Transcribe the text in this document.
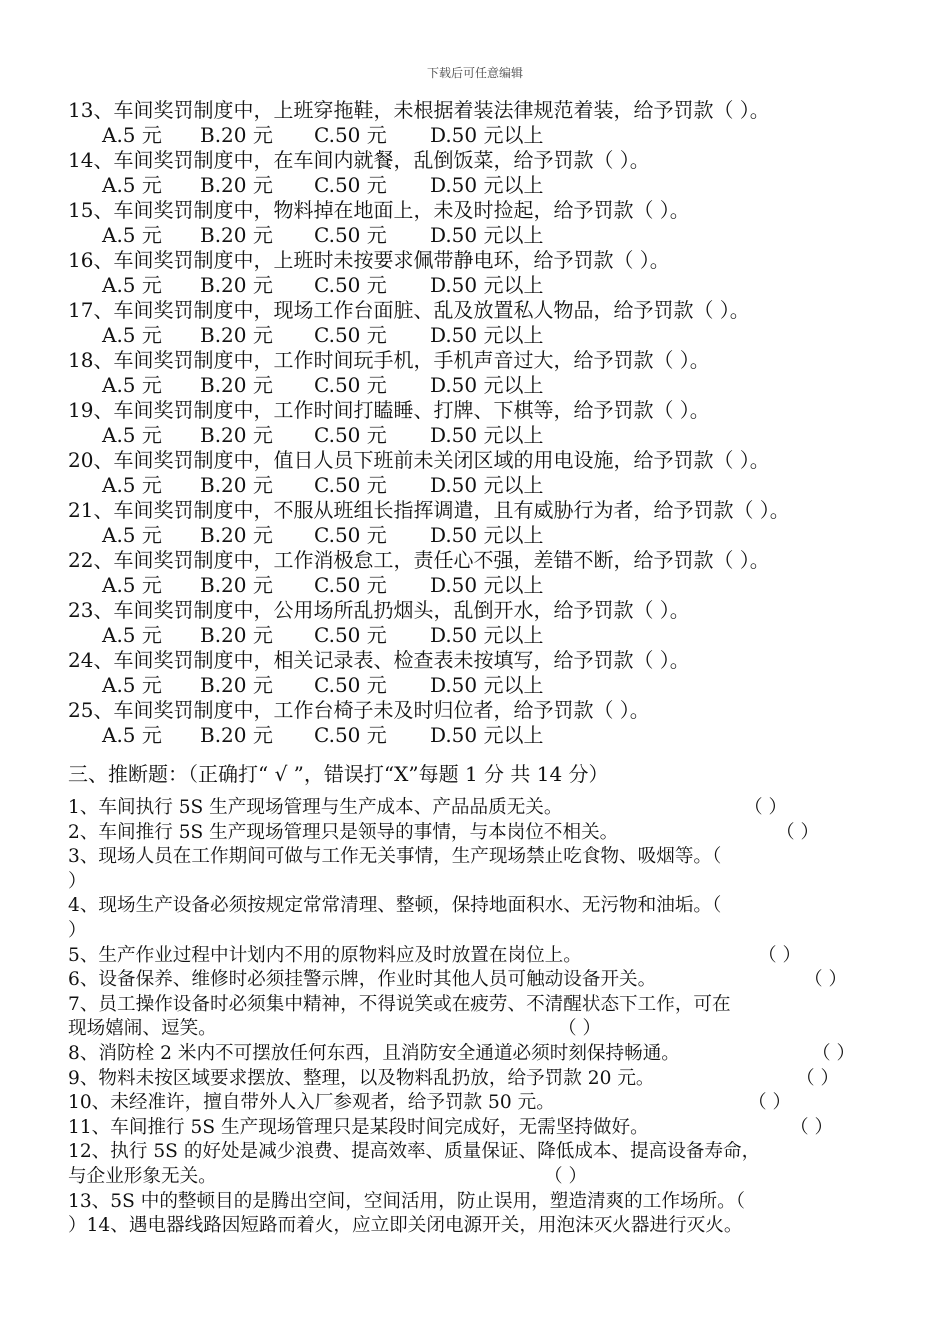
下载后可任意编辑
13、车间奖罚制度中，上班穿拖鞋，未根据着装法律规范着装，给予罚款（ ）。
A.5 元 B.20 元 C.50 元 D.50 元以上
14、车间奖罚制度中，在车间内就餐，乱倒饭菜，给予罚款（ ）。
A.5 元 B.20 元 C.50 元 D.50 元以上
15、车间奖罚制度中，物料掉在地面上，未及时捡起，给予罚款（ ）。
A.5 元 B.20 元 C.50 元 D.50 元以上
16、车间奖罚制度中，上班时未按要求佩带静电环，给予罚款（ ）。
A.5 元 B.20 元 C.50 元 D.50 元以上
17、车间奖罚制度中，现场工作台面脏、乱及放置私人物品，给予罚款（ ）。
A.5 元 B.20 元 C.50 元 D.50 元以上
18、车间奖罚制度中，工作时间玩手机，手机声音过大，给予罚款（ ）。
A.5 元 B.20 元 C.50 元 D.50 元以上
19、车间奖罚制度中，工作时间打瞌睡、打牌、下棋等，给予罚款（ ）。
A.5 元 B.20 元 C.50 元 D.50 元以上
20、车间奖罚制度中，值日人员下班前未关闭区域的用电设施，给予罚款（ ）。
A.5 元 B.20 元 C.50 元 D.50 元以上
21、车间奖罚制度中，不服从班组长指挥调遣，且有威胁行为者，给予罚款（ ）。
A.5 元 B.20 元 C.50 元 D.50 元以上
22、车间奖罚制度中，工作消极怠工，责任心不强，差错不断，给予罚款（ ）。
A.5 元 B.20 元 C.50 元 D.50 元以上
23、车间奖罚制度中，公用场所乱扔烟头，乱倒开水，给予罚款（ ）。
A.5 元 B.20 元 C.50 元 D.50 元以上
24、车间奖罚制度中，相关记录表、检查表未按填写，给予罚款（ ）。
A.5 元 B.20 元 C.50 元 D.50 元以上
25、车间奖罚制度中，工作台椅子未及时归位者，给予罚款（ ）。
A.5 元 B.20 元 C.50 元 D.50 元以上
三、推断题：（正确打“ √ ”，错误打“X”每题 1 分 共 14 分）
1、车间执行 5S 生产现场管理与生产成本、产品品质无关。	（ ）
2、车间推行 5S 生产现场管理只是领导的事情，与本岗位不相关。	（ ）
3、现场人员在工作期间可做与工作无关事情，生产现场禁止吃食物、吸烟等。（
）
4、现场生产设备必须按规定常常清理、整顿，保持地面积水、无污物和油垢。（
）
5、生产作业过程中计划内不用的原物料应及时放置在岗位上。	（ ）
6、设备保养、维修时必须挂警示牌，作业时其他人员可触动设备开关。	（ ）
7、员工操作设备时必须集中精神，不得说笑或在疲劳、不清醒状态下工作，可在
现场嬉闹、逗笑。	（ ）
8、消防栓 2 米内不可摆放任何东西，且消防安全通道必须时刻保持畅通。	（ ）
9、物料未按区域要求摆放、整理，以及物料乱扔放，给予罚款 20 元。	（ ）
10、未经准许，擅自带外人入厂参观者，给予罚款 50 元。	（ ）
11、车间推行 5S 生产现场管理只是某段时间完成好，无需坚持做好。	（ ）
12、执行 5S 的好处是减少浪费、提高效率、质量保证、降低成本、提高设备寿命，
与企业形象无关。	（ ）
13、5S 中的整顿目的是腾出空间，空间活用，防止误用，塑造清爽的工作场所。（
）14、遇电器线路因短路而着火，应立即关闭电源开关，用泡沫灭火器进行灭火。
